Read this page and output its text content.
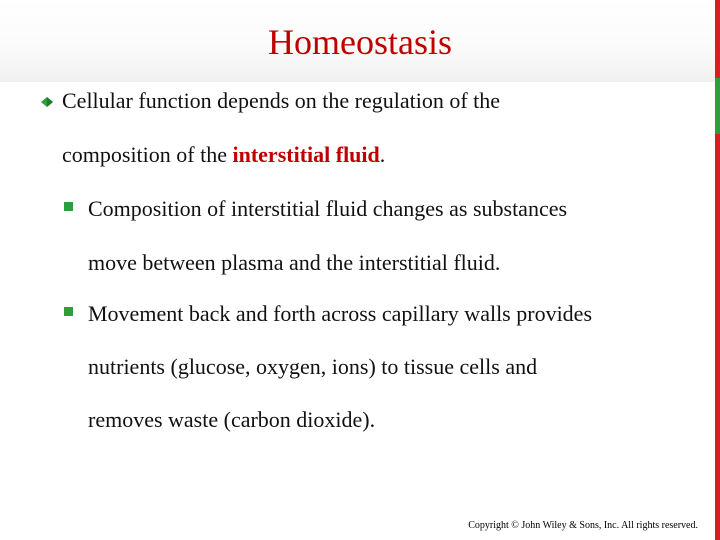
Homeostasis
Cellular function depends on the regulation of the
composition of the interstitial fluid.
Composition of interstitial fluid changes as substances
move between plasma and the interstitial fluid.
Movement back and forth across capillary walls provides
nutrients (glucose, oxygen, ions) to tissue cells and
removes waste (carbon dioxide).
Copyright © John Wiley & Sons, Inc. All rights reserved.
